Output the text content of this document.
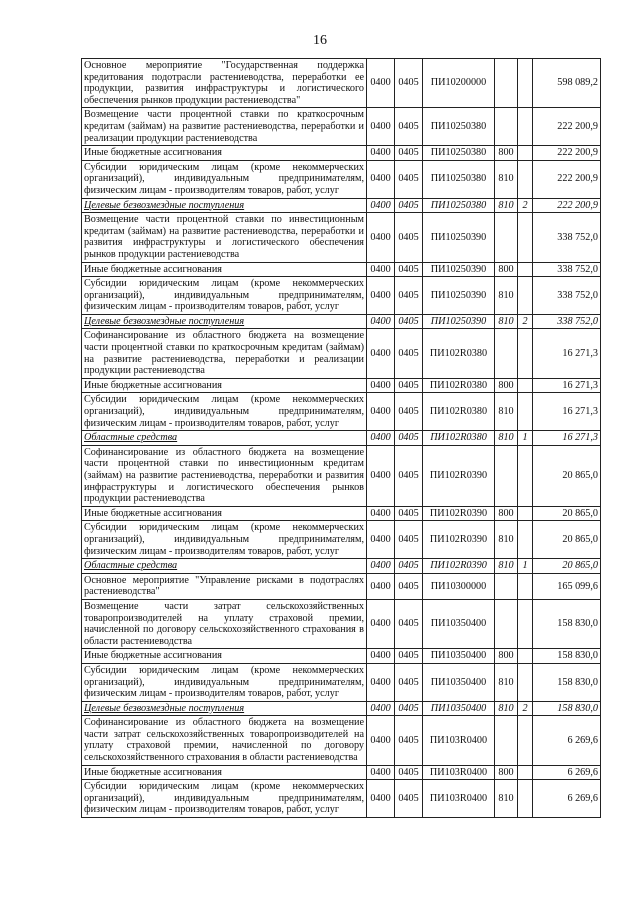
16
Основное мероприятие "Государственная поддержка кредитования подотрасли растениеводства, переработки ее продукции, развития инфраструктуры и логистического обеспечения рынков продукции растениеводства"	0400	0405	ПИ10200000			598 089,2
Возмещение части процентной ставки по краткосрочным кредитам (займам) на развитие растениеводства, переработки и реализации продукции растениеводства	0400	0405	ПИ10250380			222 200,9
Иные бюджетные ассигнования	0400	0405	ПИ10250380	800		222 200,9
Субсидии юридическим лицам (кроме некоммерческих организаций), индивидуальным предпринимателям, физическим лицам - производителям товаров, работ, услуг	0400	0405	ПИ10250380	810		222 200,9
Целевые безвозмездные поступления	0400	0405	ПИ10250380	810	2	222 200,9
Возмещение части процентной ставки по инвестиционным кредитам (займам) на развитие растениеводства, переработки и развития инфраструктуры и логистического обеспечения рынков продукции растениеводства	0400	0405	ПИ10250390			338 752,0
Иные бюджетные ассигнования	0400	0405	ПИ10250390	800		338 752,0
Субсидии юридическим лицам (кроме некоммерческих организаций), индивидуальным предпринимателям, физическим лицам - производителям товаров, работ, услуг	0400	0405	ПИ10250390	810		338 752,0
Целевые безвозмездные поступления	0400	0405	ПИ10250390	810	2	338 752,0
Софинансирование из областного бюджета на возмещение части процентной ставки по краткосрочным кредитам (займам) на развитие растениеводства, переработки и реализации продукции растениеводства	0400	0405	ПИ102R0380			16 271,3
Иные бюджетные ассигнования	0400	0405	ПИ102R0380	800		16 271,3
Субсидии юридическим лицам (кроме некоммерческих организаций), индивидуальным предпринимателям, физическим лицам - производителям товаров, работ, услуг	0400	0405	ПИ102R0380	810		16 271,3
Областные средства	0400	0405	ПИ102R0380	810	1	16 271,3
Софинансирование из областного бюджета на возмещение части процентной ставки по инвестиционным кредитам (займам) на развитие растениеводства, переработки и развития инфраструктуры и логистического обеспечения рынков продукции растениеводства	0400	0405	ПИ102R0390			20 865,0
Иные бюджетные ассигнования	0400	0405	ПИ102R0390	800		20 865,0
Субсидии юридическим лицам (кроме некоммерческих организаций), индивидуальным предпринимателям, физическим лицам - производителям товаров, работ, услуг	0400	0405	ПИ102R0390	810		20 865,0
Областные средства	0400	0405	ПИ102R0390	810	1	20 865,0
Основное мероприятие "Управление рисками в подотраслях растениеводства"	0400	0405	ПИ10300000			165 099,6
Возмещение части затрат сельскохозяйственных товаропроизводителей на уплату страховой премии, начисленной по договору сельскохозяйственного страхования в области растениеводства	0400	0405	ПИ10350400			158 830,0
Иные бюджетные ассигнования	0400	0405	ПИ10350400	800		158 830,0
Субсидии юридическим лицам (кроме некоммерческих организаций), индивидуальным предпринимателям, физическим лицам - производителям товаров, работ, услуг	0400	0405	ПИ10350400	810		158 830,0
Целевые безвозмездные поступления	0400	0405	ПИ10350400	810	2	158 830,0
Софинансирование из областного бюджета на возмещение части затрат сельскохозяйственных товаропроизводителей на уплату страховой премии, начисленной по договору сельскохозяйственного страхования в области растениеводства	0400	0405	ПИ103R0400			6 269,6
Иные бюджетные ассигнования	0400	0405	ПИ103R0400	800		6 269,6
Субсидии юридическим лицам (кроме некоммерческих организаций), индивидуальным предпринимателям, физическим лицам - производителям товаров, работ, услуг	0400	0405	ПИ103R0400	810		6 269,6
